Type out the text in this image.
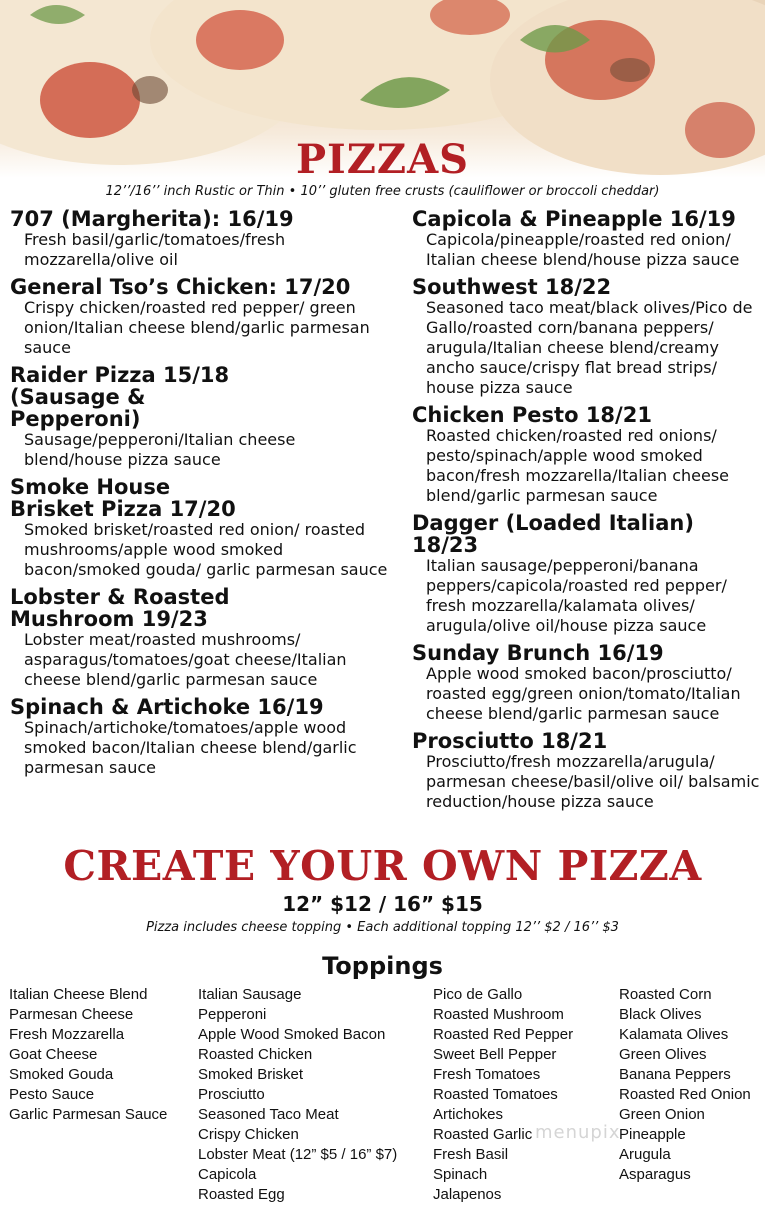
PIZZAS
12’’/16’’ inch Rustic or Thin • 10’’ gluten free crusts (cauliflower or broccoli cheddar)
707 (Margherita): 16/19

Fresh basil/garlic/tomatoes/fresh mozzarella/olive oil

General Tso’s Chicken: 17/20

Crispy chicken/roasted red pepper/ green onion/Italian cheese blend/garlic parmesan sauce

Raider Pizza 15/18 (Sausage & Pepperoni)

Sausage/pepperoni/Italian cheese blend/house pizza sauce

Smoke House Brisket Pizza 17/20

Smoked brisket/roasted red onion/ roasted mushrooms/apple wood smoked bacon/smoked gouda/ garlic parmesan sauce

Lobster & Roasted Mushroom 19/23

Lobster meat/roasted mushrooms/ asparagus/tomatoes/goat cheese/Italian cheese blend/garlic parmesan sauce

Spinach & Artichoke 16/19

Spinach/artichoke/tomatoes/apple wood smoked bacon/Italian cheese blend/garlic parmesan sauce

Capicola & Pineapple 16/19

Capicola/pineapple/roasted red onion/ Italian cheese blend/house pizza sauce

Southwest 18/22

Seasoned taco meat/black olives/Pico de Gallo/roasted corn/banana peppers/ arugula/Italian cheese blend/creamy ancho sauce/crispy flat bread strips/ house pizza sauce

Chicken Pesto 18/21

Roasted chicken/roasted red onions/ pesto/spinach/apple wood smoked bacon/fresh mozzarella/Italian cheese blend/garlic parmesan sauce

Dagger (Loaded Italian) 18/23

Italian sausage/pepperoni/banana peppers/capicola/roasted red pepper/ fresh mozzarella/kalamata olives/ arugula/olive oil/house pizza sauce

Sunday Brunch 16/19

Apple wood smoked bacon/prosciutto/ roasted egg/green onion/tomato/Italian cheese blend/garlic parmesan sauce

Prosciutto 18/21

Prosciutto/fresh mozzarella/arugula/ parmesan cheese/basil/olive oil/ balsamic reduction/house pizza sauce

CREATE YOUR OWN PIZZA
12” $12 / 16” $15
Pizza includes cheese topping • Each additional topping 12’’ $2 / 16’’ $3
Toppings
Italian Cheese Blend
Parmesan Cheese
Fresh Mozzarella
Goat Cheese
Smoked Gouda
Pesto Sauce
Garlic Parmesan Sauce
Italian Sausage
Pepperoni
Apple Wood Smoked Bacon
Roasted Chicken
Smoked Brisket
Prosciutto
Seasoned Taco Meat
Crispy Chicken
Lobster Meat (12” $5 / 16” $7)
Capicola
Roasted Egg
Pico de Gallo
Roasted Mushroom
Roasted Red Pepper
Sweet Bell Pepper
Fresh Tomatoes
Roasted Tomatoes
Artichokes
Roasted Garlic
Fresh Basil
Spinach
Jalapenos
Roasted Corn
Black Olives
Kalamata Olives
Green Olives
Banana Peppers
Roasted Red Onion
Green Onion
Pineapple
Arugula
Asparagus
menupix
